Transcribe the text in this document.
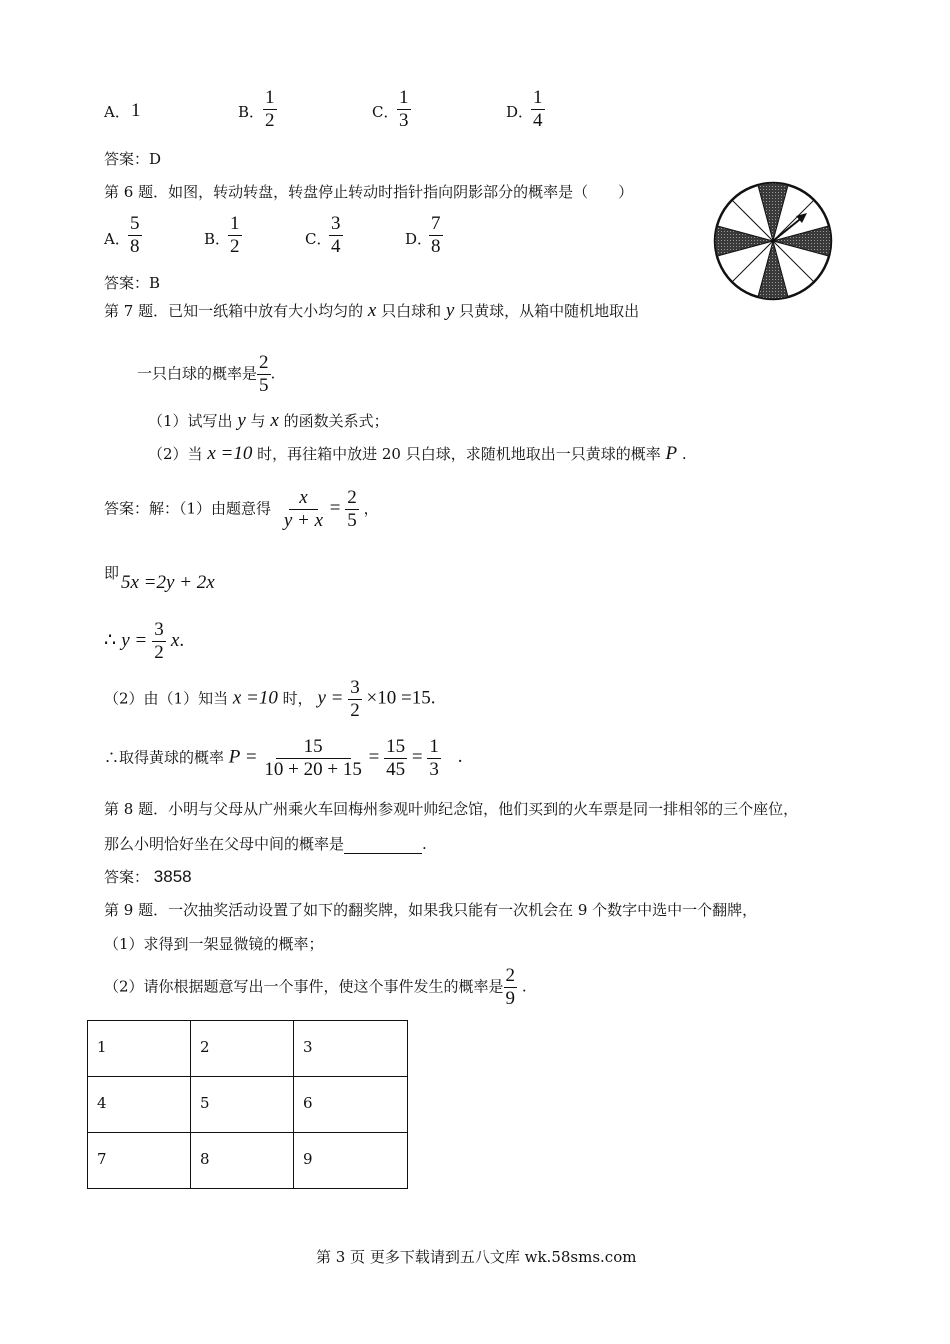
A． 1	B．
$\frac{1}{2}$	C．
$\frac{1}{3}$	D．
$\frac{1}{4}$
答案：D
第 6 题．如图，转动转盘，转盘停止转动时指针指向阴影部分的概率是（　　）
A．
$\frac{5}{8}$	B．
$\frac{1}{2}$	C．
$\frac{3}{4}$	D．
$\frac{7}{8}$
答案：B
第 7 题．已知一纸箱中放有大小均匀的 x 只白球和 y 只黄球，从箱中随机地取出
一只白球的概率是 $\frac{2}{5}$ .
（1）试写出 y 与 x 的函数关系式；
（2）当 x =10 时，再往箱中放进 20 只白球，求随机地取出一只黄球的概率 P .
答案：解：（1）由题意得 $\frac{x}{y + x} = \frac{2}{5}$ ，
即 5x =2y + 2x
∴ $y = \frac{3}{2} x$.
（2）由（1）知当 x =10 时， $y = \frac{3}{2} \times 10 =15$.
∴取得黄球的概率 $P = \frac{15}{10 + 20 + 15} = \frac{15}{45} = \frac{1}{3}$ .
第 8 题．小明与父母从广州乘火车回梅州参观叶帅纪念馆，他们买到的火车票是同一排相邻的三个座位，
那么小明恰好坐在父母中间的概率是	.
答案： 3858
第 9 题．一次抽奖活动设置了如下的翻奖牌，如果我只能有一次机会在 9 个数字中选中一个翻牌，
（1）求得到一架显微镜的概率；
（2）请你根据题意写出一个事件，使这个事件发生的概率是 $\frac{2}{9}$ .
1	2	3
4	5	6
7	8	9
第 3 页 更多下载请到五八文库 wk.58sms.com
